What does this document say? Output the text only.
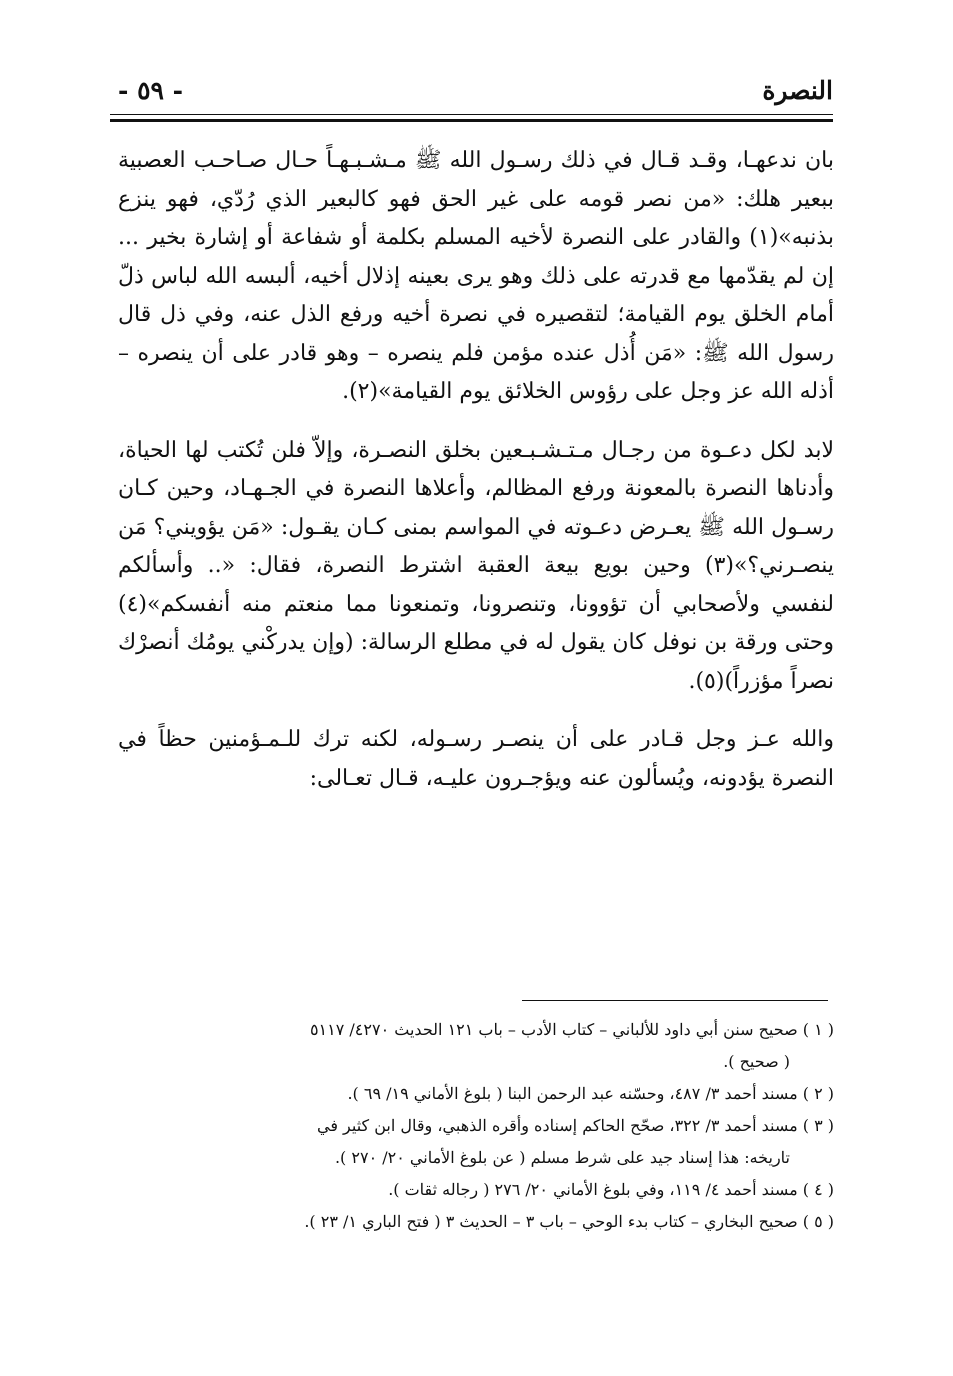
النصرة
- ٥٩ -

بان ندعهـا، وقـد قـال في ذلك رسـول الله ﷺ مـشـبـهـاً حـال صـاحـب العصبية ببعير هلك: «من نصر قومه على غير الحق فهو كالبعير الذي رُدّي، فهو ينزع بذنبه»(١) والقادر على النصرة لأخيه المسلم بكلمة أو شفاعة أو إشارة بخير ... إن لم يقدّمها مع قدرته على ذلك وهو يرى بعينه إذلال أخيه، ألبسه الله لباس ذلّ أمام الخلق يوم القيامة؛ لتقصيره في نصرة أخيه ورفع الذل عنه، وفي ذل قال رسول الله ﷺ: «مَن أُذل عنده مؤمن فلم ينصره – وهو قادر على أن ينصره – أذله الله عز وجل على رؤوس الخلائق يوم القيامة»(٢).

لابد لكل دعـوة من رجـال مـتـشـبـعين بخلق النصـرة، وإلاّ فلن تُكتب لها الحياة، وأدناها النصرة بالمعونة ورفع المظالم، وأعلاها النصرة في الجـهـاد، وحين كـان رسـول الله ﷺ يعـرض دعـوته في المواسم بمنى كـان يقـول: «مَن يؤويني؟ مَن ينصـرني؟»(٣) وحين بويع بيعة العقبة اشترط النصرة، فقال: «.. وأسألكم لنفسي ولأصحابي أن تؤوونا، وتنصرونا، وتمنعونا مما منعتم منه أنفسكم»(٤) وحتى ورقة بن نوفل كان يقول له في مطلع الرسالة: (وإن يدركْني يومُك أنصرْك نصراً مؤزراً)(٥).

والله عـز وجل قـادر على أن ينصـر رسـوله، لكنه ترك للـمـؤمنين حظاً في النصرة يؤدونه، ويُسألون عنه ويؤجـرون عليـه، قـال تعـالى:

( ١ ) صحيح سنن أبي داود للألباني – كتاب الأدب – باب ١٢١ الحديث ٤٢٧٠/ ٥١١٧

( صحيح ).

( ٢ ) مسند أحمد ٣/ ٤٨٧، وحسّنه عبد الرحمن البنا ( بلوغ الأماني ١٩/ ٦٩ ).

( ٣ ) مسند أحمد ٣/ ٣٢٢، صحّح الحاكم إسناده وأقره الذهبي، وقال ابن كثير في

تاريخه: هذا إسناد جيد على شرط مسلم ( عن بلوغ الأماني ٢٠/ ٢٧٠ ).

( ٤ ) مسند أحمد ٤/ ١١٩، وفي بلوغ الأماني ٢٠/ ٢٧٦ ( رجاله ثقات ).

( ٥ ) صحيح البخاري – كتاب بدء الوحي – باب ٣ – الحديث ٣ ( فتح الباري ١/ ٢٣ ).
